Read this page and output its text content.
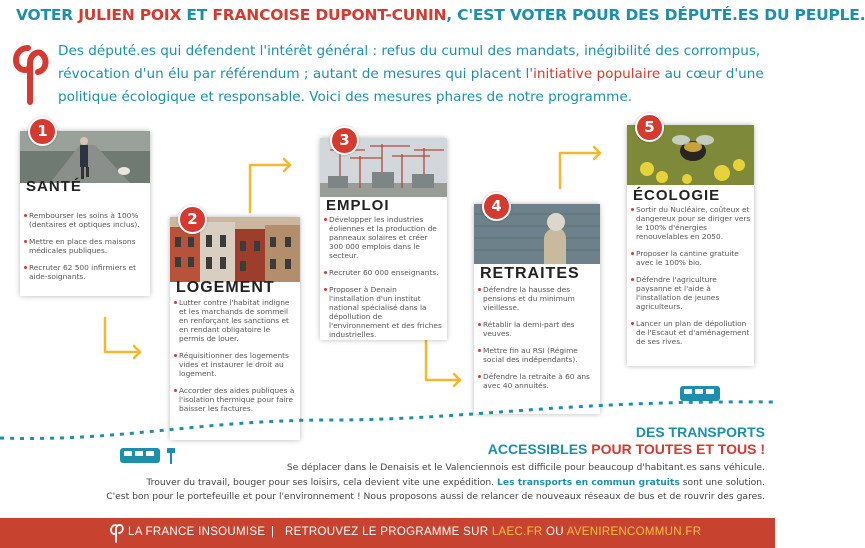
VOTER JULIEN POIX ET FRANCOISE DUPONT-CUNIN, C'EST VOTER POUR DES DÉPUTÉ.ES DU PEUPLE.
Des député.es qui défendent l'intérêt général : refus du cumul des mandats, inégibilité des corrompus, révocation d'un élu par référendum ; autant de mesures qui placent l'initiative populaire au cœur d'une politique écologique et responsable. Voici des mesures phares de notre programme.
1
SANTÉ
Rembourser les soins à 100% (dentaires et optiques inclus).
Mettre en place des maisons médicales publiques.
Recruter 62 500 infirmiers et aide-soignants.
2
LOGEMENT
Lutter contre l'habitat indigne et les marchands de sommeil en renforçant les sanctions et en rendant obligatoire le permis de louer.
Réquisitionner des logements vides et instaurer le droit au logement.
Accorder des aides publiques à l'isolation thermique pour faire baisser les factures.
3
EMPLOI
Développer les industries éoliennes et la production de panneaux solaires et créer 300 000 emplois dans le secteur.
Recruter 60 000 enseignants.
Proposer à Denain l'installation d'un institut national spécialisé dans la dépollution de l'environnement et des friches industrielles.
4
RETRAITES
Défendre la hausse des pensions et du minimum vieillesse.
Rétablir la demi-part des veuves.
Mettre fin au RSI (Régime social des indépendants).
Défendre la retraite à 60 ans avec 40 annuités.
5
ÉCOLOGIE
Sortir du Nucléaire, coûteux et dangereux pour se diriger vers le 100% d'énergies renouvelables en 2050.
Proposer la cantine gratuite avec le 100% bio.
Défendre l'agriculture paysanne et l'aide à l'installation de jeunes agriculteurs.
Lancer un plan de dépollution de l'Escaut et d'aménagement de ses rives.
DES TRANSPORTS
ACCESSIBLES POUR TOUTES ET TOUS !
Se déplacer dans le Denaisis et le Valenciennois est difficile pour beaucoup d'habitant.es sans véhicule.
Trouver du travail, bouger pour ses loisirs, cela devient vite une expédition. Les transports en commun gratuits sont une solution.
C'est bon pour le portefeuille et pour l'environnement ! Nous proposons aussi de relancer de nouveaux réseaux de bus et de rouvrir des gares.
LA FRANCE INSOUMISE | RETROUVEZ LE PROGRAMME SUR LAEC.FR OU AVENIRENCOMMUN.FR
